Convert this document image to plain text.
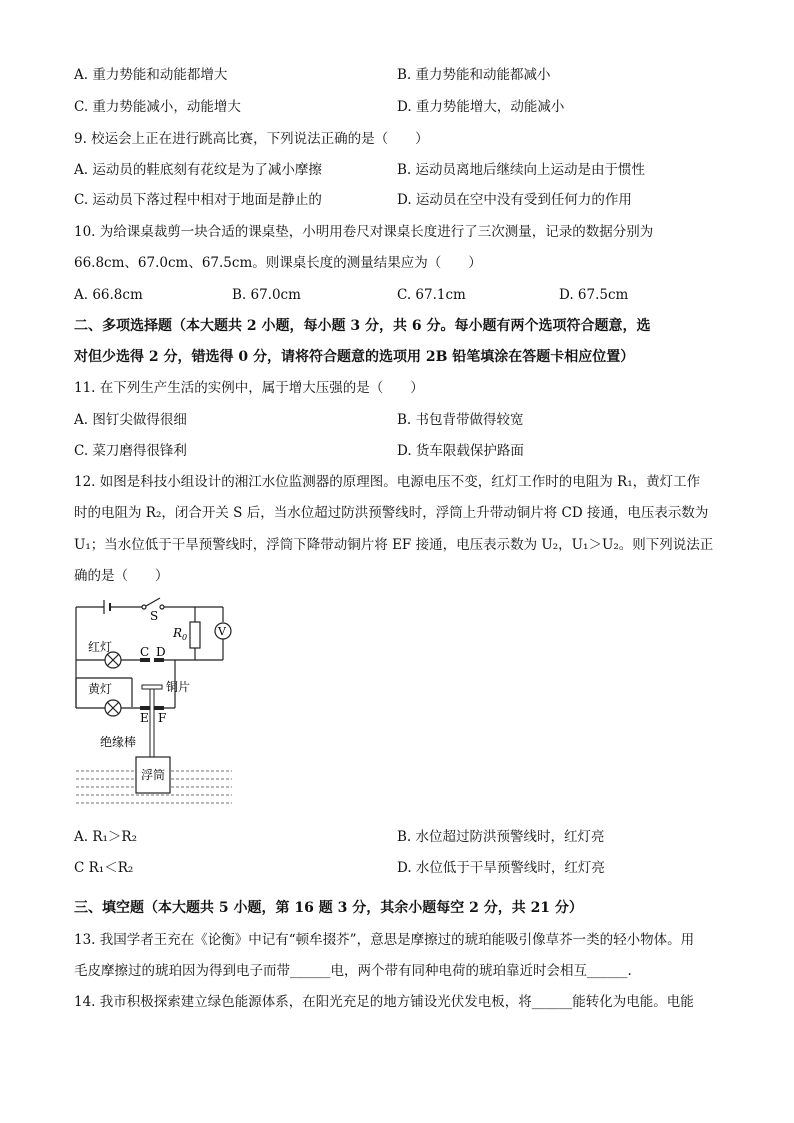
A. 重力势能和动能都增大	B. 重力势能和动能都减小
C. 重力势能减小，动能增大	D. 重力势能增大，动能减小
9. 校运会上正在进行跳高比赛，下列说法正确的是（　　）
A. 运动员的鞋底刻有花纹是为了减小摩擦	B. 运动员离地后继续向上运动是由于惯性
C. 运动员下落过程中相对于地面是静止的	D. 运动员在空中没有受到任何力的作用
10. 为给课桌裁剪一块合适的课桌垫，小明用卷尺对课桌长度进行了三次测量，记录的数据分别为
66.8cm、67.0cm、67.5cm。则课桌长度的测量结果应为（　　）
A. 66.8cm	B. 67.0cm	C. 67.1cm	D. 67.5cm
二、多项选择题（本大题共 2 小题，每小题 3 分，共 6 分。每小题有两个选项符合题意，选
对但少选得 2 分，错选得 0 分，请将符合题意的选项用 2B 铅笔填涂在答题卡相应位置）
11. 在下列生产生活的实例中，属于增大压强的是（　　）
A. 图钉尖做得很细	B. 书包背带做得较宽
C. 菜刀磨得很锋利	D. 货车限载保护路面
12. 如图是科技小组设计的湘江水位监测器的原理图。电源电压不变，红灯工作时的电阻为 R₁，黄灯工作
时的电阻为 R₂，闭合开关 S 后，当水位超过防洪预警线时，浮筒上升带动铜片将 CD 接通，电压表示数为
U₁；当水位低于干旱预警线时，浮筒下降带动铜片将 EF 接通，电压表示数为 U₂，U₁＞U₂。则下列说法正
确的是（　　）
S
$R_0$	V
红灯 C D
黄灯	铜片
E F
绝缘棒
浮筒
A. R₁＞R₂	B. 水位超过防洪预警线时，红灯亮
C R₁＜R₂	D. 水位低于干旱预警线时，红灯亮
三、填空题（本大题共 5 小题，第 16 题 3 分，其余小题每空 2 分，共 21 分）
13. 我国学者王充在《论衡》中记有“顿牟掇芥”，意思是摩擦过的琥珀能吸引像草芥一类的轻小物体。用
毛皮摩擦过的琥珀因为得到电子而带______电，两个带有同种电荷的琥珀靠近时会相互______.
14. 我市积极探索建立绿色能源体系，在阳光充足的地方铺设光伏发电板，将______能转化为电能。电能
